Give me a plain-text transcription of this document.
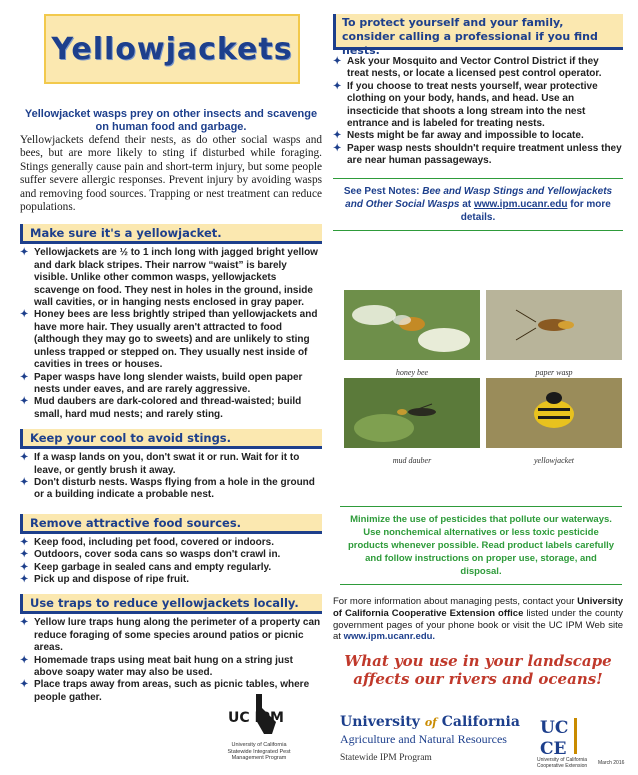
Yellowjackets

Yellowjacket wasps prey on other insects and scavenge on human food and garbage.
Yellowjackets defend their nests, as do other social wasps and bees, but are more likely to sting if disturbed while foraging. Stings generally cause pain and short-term injury, but some people suffer severe allergic responses. Prevent injury by avoiding wasps and removing food sources. Trapping or nest treatment can reduce populations.

Make sure it's a yellowjacket.
✦ Yellowjackets are ½ to 1 inch long with jagged bright yellow and dark black stripes. Their narrow “waist” is barely visible. Unlike other common wasps, yellowjackets scavenge on food. They nest in holes in the ground, inside wall cavities, or in hanging nests enclosed in gray paper.
✦ Honey bees are less brightly striped than yellowjackets and have more hair. They usually aren't attracted to food (although they may go to sweets) and are unlikely to sting unless trapped or stepped on. They usually nest inside of cavities in trees or houses.
✦ Paper wasps have long slender waists, build open paper nests under eaves, and are rarely aggressive.
✦ Mud daubers are dark-colored and thread-waisted; build small, hard mud nests; and rarely sting.
Keep your cool to avoid stings.
✦ If a wasp lands on you, don't swat it or run. Wait for it to leave, or gently brush it away.
✦ Don't disturb nests. Wasps flying from a hole in the ground or a building indicate a probable nest.
Remove attractive food sources.
✦ Keep food, including pet food, covered or indoors.
✦ Outdoors, cover soda cans so wasps don't crawl in.
✦ Keep garbage in sealed cans and empty regularly.
✦ Pick up and dispose of ripe fruit.
Use traps to reduce yellowjackets locally.
✦ Yellow lure traps hung along the perimeter of a property can reduce foraging of some species around patios or picnic areas.
✦ Homemade traps using meat bait hung on a string just above soapy water may also be used.
✦ Place traps away from areas, such as picnic tables, where people gather.
To protect yourself and your family, consider calling a professional if you find nests.
✦ Ask your Mosquito and Vector Control District if they treat nests, or locate a licensed pest control operator.
✦ If you choose to treat nests yourself, wear protective clothing on your body, hands, and head. Use an insecticide that shoots a long stream into the nest entrance and is labeled for treating nests.
✦ Nests might be far away and impossible to locate.
✦ Paper wasp nests shouldn't require treatment unless they are near human passageways.
See Pest Notes: Bee and Wasp Stings and Yellowjackets and Other Social Wasps at www.ipm.ucanr.edu for more details.
honey bee	paper wasp
mud dauber	yellowjacket
Minimize the use of pesticides that pollute our waterways. Use nonchemical alternatives or less toxic pesticide products whenever possible. Read product labels carefully and follow instructions on proper use, storage, and disposal.

For more information about managing pests, contact your University of California Cooperative Extension office listed under the county government pages of your phone book or visit the UC IPM Web site at www.ipm.ucanr.edu.

What you use in your landscape affects our rivers and oceans!
UC IPM
University of California Statewide Integrated Pest Management Program
University of California
Agriculture and Natural Resources
Statewide IPM Program
UC
CE
University of California Cooperative Extension	March 2016
